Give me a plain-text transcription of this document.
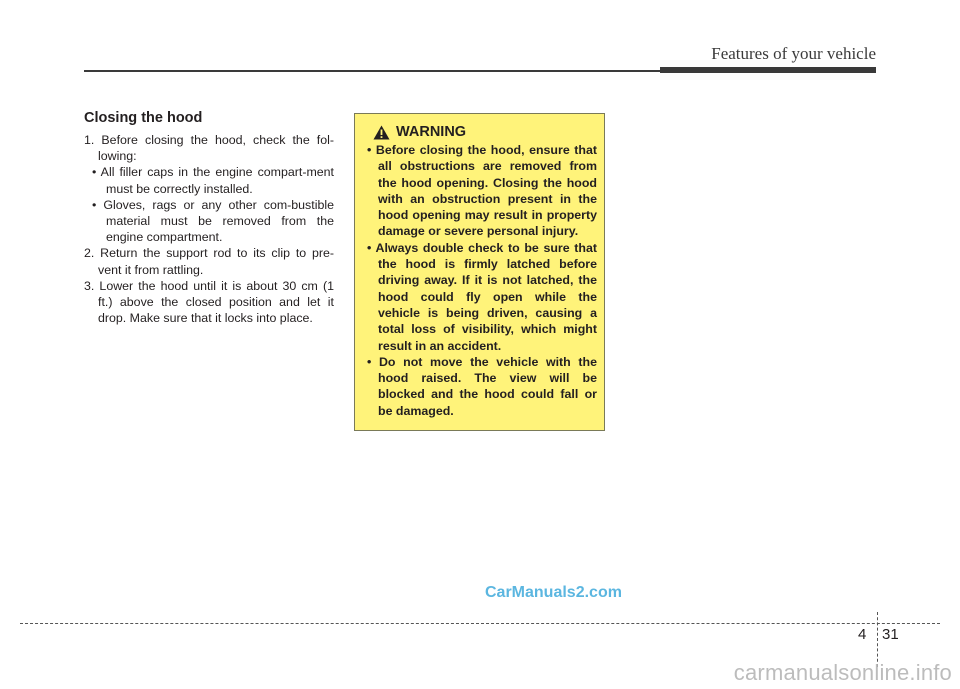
Features of your vehicle
Closing the hood

1. Before closing the hood, check the fol-lowing:

• All filler caps in the engine compart-ment must be correctly installed.

• Gloves, rags or any other com-bustible material must be removed from the engine compartment.

2. Return the support rod to its clip to pre-vent it from rattling.

3. Lower the hood until it is about 30 cm (1 ft.) above the closed position and let it drop. Make sure that it locks into place.

WARNING

• Before closing the hood, ensure that all obstructions are removed from the hood opening. Closing the hood with an obstruction present in the hood opening may result in property damage or severe personal injury.

• Always double check to be sure that the hood is firmly latched before driving away. If it is not latched, the hood could fly open while the vehicle is being driven, causing a total loss of visibility, which might result in an accident.

• Do not move the vehicle with the hood raised. The view will be blocked and the hood could fall or be damaged.

CarManuals2.com
4 31
carmanualsonline.info
